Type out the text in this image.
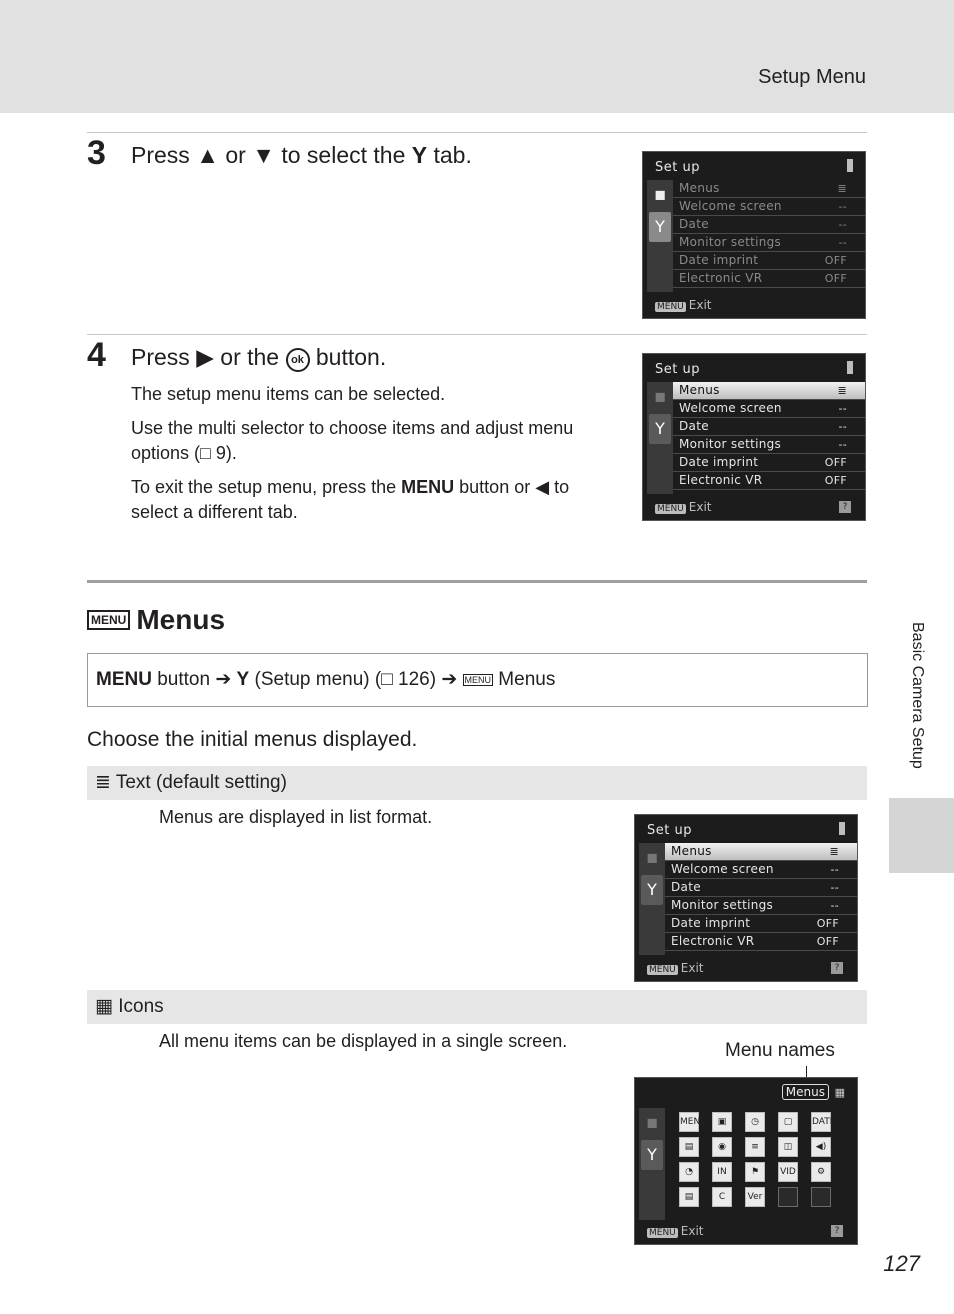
Setup Menu
3 Press ▲ or ▼ to select the Y tab.	Set up
◼
Y
Menus	≣
Welcome screen	--
Date	--
Monitor settings	--
Date imprint	OFF
Electronic VR	OFF
MENU Exit
4 Press ▶ or the ok button.
The setup menu items can be selected.
Use the multi selector to choose items and adjust menu options (□ 9).
To exit the setup menu, press the MENU button or ◀ to select a different tab.
Set up
◼
Y
Menus	≣
Welcome screen	--
Date	--
Monitor settings	--
Date imprint	OFF
Electronic VR	OFF
MENU Exit	?
MENU Menus
MENU button ➔ Y (Setup menu) (□ 126) ➔ MENU Menus
Choose the initial menus displayed.
≣ Text (default setting)
Menus are displayed in list format.
Set up
◼
Y
Menus	≣
Welcome screen	--
Date	--
Monitor settings	--
Date imprint	OFF
Electronic VR	OFF
MENU Exit	?
▦ Icons
All menu items can be displayed in a single screen.	Menu names
Menus ▦
◼
Y
MENU	▣	◷	▢	DATE
▤	◉	≡	◫	◀)
◔	IN	⚑	VID	⚙
▤	C	Ver
MENU Exit	?
Basic Camera Setup
127
